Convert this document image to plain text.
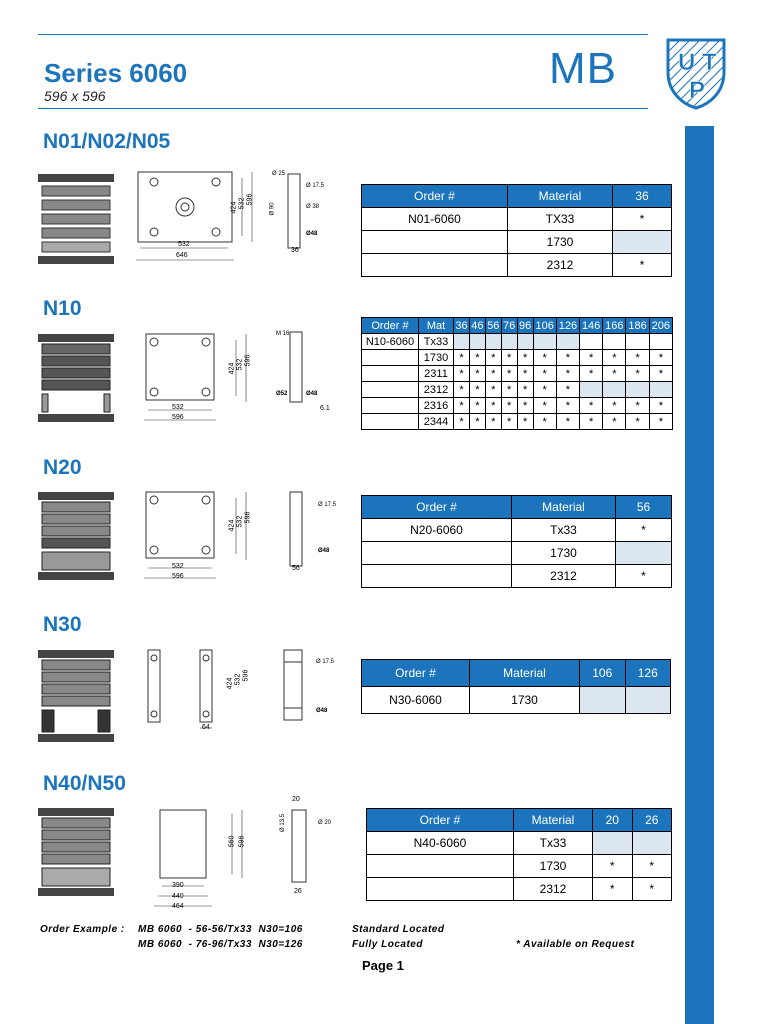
Series 6060
596 x 596
MB	U T
P
N01/N02/N05
532
646
424 532 596
Ø 25
Ø 17.5
Ø 90	Ø 38
Ø48
36
Order #	Material	36
N01-6060	TX33	*
	1730	
	2312	*
N10
532
596
424 532 596
M 16
Ø48
Ø52
6.1
Order #	Mat	36	46	56	76	96	106	126	146	166	186	206
N10-6060	Tx33											
	1730	*	*	*	*	*	*	*	*	*	*	*
	2311	*	*	*	*	*	*	*	*	*	*	*
	2312	*	*	*	*	*	*	*				
	2316	*	*	*	*	*	*	*	*	*	*	*
	2344	*	*	*	*	*	*	*	*	*	*	*
N20
532
596
424 532 596
Ø 17.5
Ø48
56
Order #	Material	56
N20-6060	Tx33	*
	1730	
	2312	*
N30
64
424 532 596
Ø 17.5
Ø48
Order #	Material	106	126
N30-6060	1730		
N40/N50
390
440
464
560 596
20
Ø 13.5	Ø 20
26
Order #	Material	20	26
N40-6060	Tx33		
	1730	*	*
	2312	*	*
Order Example : MB 6060  - 56-56/Tx33  N30=106	Standard Located
MB 6060  - 76-96/Tx33  N30=126	Fully Located	* Available on Request
Page 1
